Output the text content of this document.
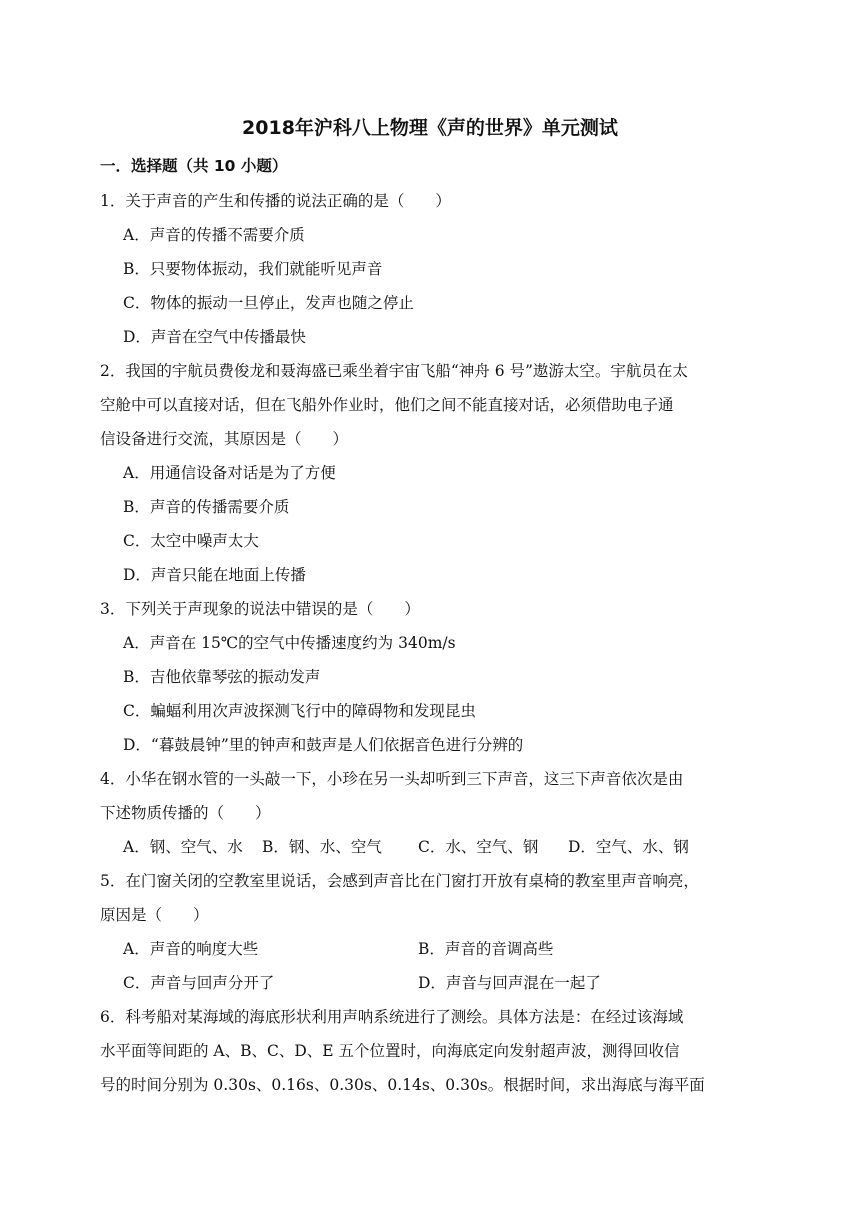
2018年沪科八上物理《声的世界》单元测试
一．选择题（共 10 小题）
1．关于声音的产生和传播的说法正确的是（　　）
A．声音的传播不需要介质
B．只要物体振动，我们就能听见声音
C．物体的振动一旦停止，发声也随之停止
D．声音在空气中传播最快
2．我国的宇航员费俊龙和聂海盛已乘坐着宇宙飞船“神舟 6 号”遨游太空。宇航员在太
空舱中可以直接对话，但在飞船外作业时，他们之间不能直接对话，必须借助电子通
信设备进行交流，其原因是（　　）
A．用通信设备对话是为了方便
B．声音的传播需要介质
C．太空中噪声太大
D．声音只能在地面上传播
3．下列关于声现象的说法中错误的是（　　）
A．声音在 15℃的空气中传播速度约为 340m/s
B．吉他依靠琴弦的振动发声
C．蝙蝠利用次声波探测飞行中的障碍物和发现昆虫
D．“暮鼓晨钟”里的钟声和鼓声是人们依据音色进行分辨的
4．小华在钢水管的一头敲一下，小珍在另一头却听到三下声音，这三下声音依次是由
下述物质传播的（　　）
A．钢、空气、水 B．钢、水、空气 C．水、空气、钢 D．空气、水、钢
5．在门窗关闭的空教室里说话，会感到声音比在门窗打开放有桌椅的教室里声音响亮，
原因是（　　）
A．声音的响度大些	B．声音的音调高些
C．声音与回声分开了	D．声音与回声混在一起了
6．科考船对某海域的海底形状利用声呐系统进行了测绘。具体方法是：在经过该海域
水平面等间距的 A、B、C、D、E 五个位置时，向海底定向发射超声波，测得回收信
号的时间分别为 0.30s、0.16s、0.30s、0.14s、0.30s。根据时间，求出海底与海平面
